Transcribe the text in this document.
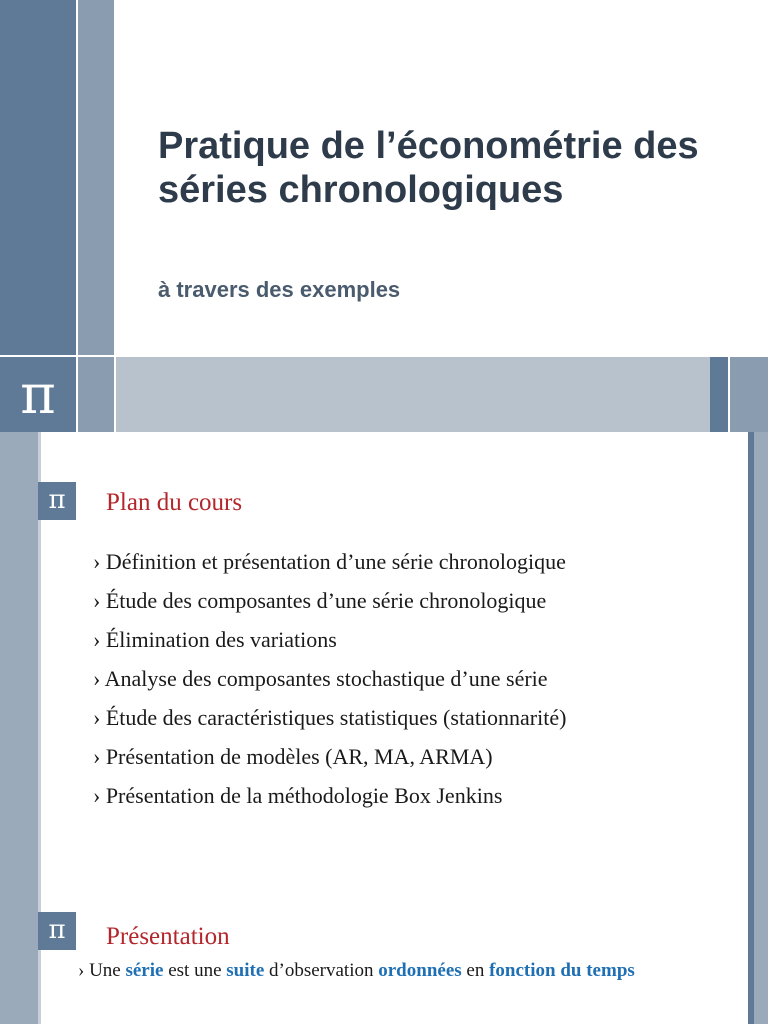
π
Pratique de l’économétrie des séries chronologiques
à travers des exemples
π	Plan du cours
› Définition et présentation d’une série chronologique
› Étude des composantes d’une série chronologique
› Élimination des variations
› Analyse des composantes stochastique d’une série
› Étude des caractéristiques statistiques (stationnarité)
› Présentation de modèles (AR, MA, ARMA)
› Présentation de la méthodologie Box Jenkins
π	Présentation
› Une série est une suite d’observation ordonnées en fonction du temps
